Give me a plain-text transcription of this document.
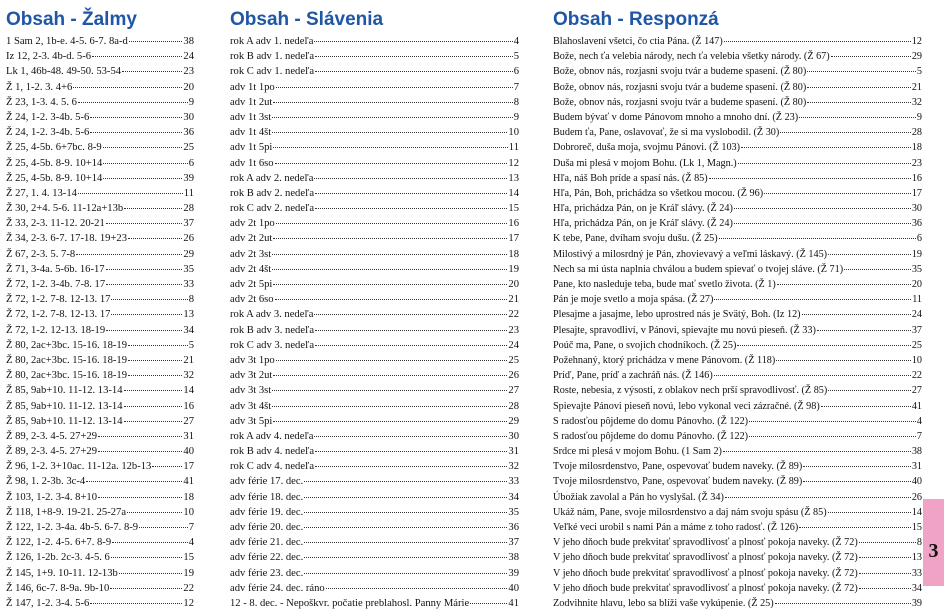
Obsah - Žalmy
1 Sam 2, 1b-e. 4-5. 6-7. 8a-d	38
Iz 12, 2-3. 4b-d. 5-6	24
Lk 1, 46b-48. 49-50. 53-54	23
Ž 1, 1-2. 3. 4+6	20
Ž 23, 1-3. 4. 5. 6	9
Ž 24, 1-2. 3-4b. 5-6	30
Ž 24, 1-2. 3-4b. 5-6	36
Ž 25, 4-5b. 6+7bc. 8-9	25
Ž 25, 4-5b. 8-9. 10+14	6
Ž 25, 4-5b. 8-9. 10+14	39
Ž 27, 1. 4. 13-14	11
Ž 30, 2+4. 5-6. 11-12a+13b	28
Ž 33, 2-3. 11-12. 20-21	37
Ž 34, 2-3. 6-7. 17-18. 19+23	26
Ž 67, 2-3. 5. 7-8	29
Ž 71, 3-4a. 5-6b. 16-17	35
Ž 72, 1-2. 3-4b. 7-8. 17	33
Ž 72, 1-2. 7-8. 12-13. 17	8
Ž 72, 1-2. 7-8. 12-13. 17	13
Ž 72, 1-2. 12-13. 18-19	34
Ž 80, 2ac+3bc. 15-16. 18-19	5
Ž 80, 2ac+3bc. 15-16. 18-19	21
Ž 80, 2ac+3bc. 15-16. 18-19	32
Ž 85, 9ab+10. 11-12. 13-14	14
Ž 85, 9ab+10. 11-12. 13-14	16
Ž 85, 9ab+10. 11-12. 13-14	27
Ž 89, 2-3. 4-5. 27+29	31
Ž 89, 2-3. 4-5. 27+29	40
Ž 96, 1-2. 3+10ac. 11-12a. 12b-13	17
Ž 98, 1. 2-3b. 3c-4	41
Ž 103, 1-2. 3-4. 8+10	18
Ž 118, 1+8-9. 19-21. 25-27a	10
Ž 122, 1-2. 3-4a. 4b-5. 6-7. 8-9	7
Ž 122, 1-2. 4-5. 6+7. 8-9	4
Ž 126, 1-2b. 2c-3. 4-5. 6	15
Ž 145, 1+9. 10-11. 12-13b	19
Ž 146, 6c-7. 8-9a. 9b-10	22
Ž 147, 1-2. 3-4. 5-6	12
Obsah - Slávenia
rok A adv 1. nedeľa	4
rok B adv 1. nedeľa	5
rok C adv 1. nedeľa	6
adv 1t 1po	7
adv 1t 2ut	8
adv 1t 3st	9
adv 1t 4št	10
adv 1t 5pi	11
adv 1t 6so	12
rok A adv 2. nedeľa	13
rok B adv 2. nedeľa	14
rok C adv 2. nedeľa	15
adv 2t 1po	16
adv 2t 2ut	17
adv 2t 3st	18
adv 2t 4št	19
adv 2t 5pi	20
adv 2t 6so	21
rok A adv 3. nedeľa	22
rok B adv 3. nedeľa	23
rok C adv 3. nedeľa	24
adv 3t 1po	25
adv 3t 2ut	26
adv 3t 3st	27
adv 3t 4št	28
adv 3t 5pi	29
rok A adv 4. nedeľa	30
rok B adv 4. nedeľa	31
rok C adv 4. nedeľa	32
adv férie 17. dec.	33
adv férie 18. dec.	34
adv férie 19. dec.	35
adv férie 20. dec.	36
adv férie 21. dec.	37
adv férie 22. dec.	38
adv férie 23. dec.	39
adv férie 24. dec. ráno	40
12 - 8. dec. - Nepoškvr. počatie preblahosl. Panny Márie	41
Obsah - Responzá
Blahoslavení všetci, čo ctia Pána. (Ž 147)	12
Bože, nech ťa velebia národy, nech ťa velebia všetky národy. (Ž 67)	29
Bože, obnov nás, rozjasni svoju tvár a budeme spasení. (Ž 80)	5
Bože, obnov nás, rozjasni svoju tvár a budeme spasení. (Ž 80)	21
Bože, obnov nás, rozjasni svoju tvár a budeme spasení. (Ž 80)	32
Budem bývať v dome Pánovom mnoho a mnoho dní. (Ž 23)	9
Budem ťa, Pane, oslavovať, že si ma vyslobodil. (Ž 30)	28
Dobroreč, duša moja, svojmu Pánovi. (Ž 103)	18
Duša mi plesá v mojom Bohu. (Lk 1, Magn.)	23
Hľa, náš Boh príde a spasí nás. (Ž 85)	16
Hľa, Pán, Boh, prichádza so všetkou mocou. (Ž 96)	17
Hľa, prichádza Pán, on je Kráľ slávy. (Ž 24)	30
Hľa, prichádza Pán, on je Kráľ slávy. (Ž 24)	36
K tebe, Pane, dvíham svoju dušu. (Ž 25)	6
Milostivý a milosrdný je Pán, zhovievavý a veľmi láskavý. (Ž 145)	19
Nech sa mi ústa naplnia chválou a budem spievať o tvojej sláve. (Ž 71)	35
Pane, kto nasleduje teba, bude mať svetlo života. (Ž 1)	20
Pán je moje svetlo a moja spása. (Ž 27)	11
Plesajme a jasajme, lebo uprostred nás je Svätý, Boh. (Iz 12)	24
Plesajte, spravodliví, v Pánovi, spievajte mu novú pieseň. (Ž 33)	37
Poúč ma, Pane, o svojich chodníkoch. (Ž 25)	25
Požehnaný, ktorý prichádza v mene Pánovom. (Ž 118)	10
Príď, Pane, príď a zachráň nás. (Ž 146)	22
Roste, nebesia, z výsosti, z oblakov nech prší spravodlivosť. (Ž 85)	27
Spievajte Pánovi pieseň novú, lebo vykonal veci zázračné. (Ž 98)	41
S radosťou pôjdeme do domu Pánovho. (Ž 122)	4
S radosťou pôjdeme do domu Pánovho. (Ž 122)	7
Srdce mi plesá v mojom Bohu. (1 Sam 2)	38
Tvoje milosrdenstvo, Pane, ospevovať budem naveky. (Ž 89)	31
Tvoje milosrdenstvo, Pane, ospevovať budem naveky. (Ž 89)	40
Úbožiak zavolal a Pán ho vyslyšal. (Ž 34)	26
Ukáž nám, Pane, svoje milosrdenstvo a daj nám svoju spásu (Ž 85)	14
Veľké veci urobil s nami Pán a máme z toho radosť. (Ž 126)	15
V jeho dňoch bude prekvitať spravodlivosť a plnosť pokoja naveky. (Ž 72)	8
V jeho dňoch bude prekvitať spravodlivosť a plnosť pokoja naveky. (Ž 72)	13
V jeho dňoch bude prekvitať spravodlivosť a plnosť pokoja naveky. (Ž 72)	33
V jeho dňoch bude prekvitať spravodlivosť a plnosť pokoja naveky. (Ž 72)	34
Zodvihnite hlavu, lebo sa blíži vaše vykúpenie. (Ž 25)	39
3
